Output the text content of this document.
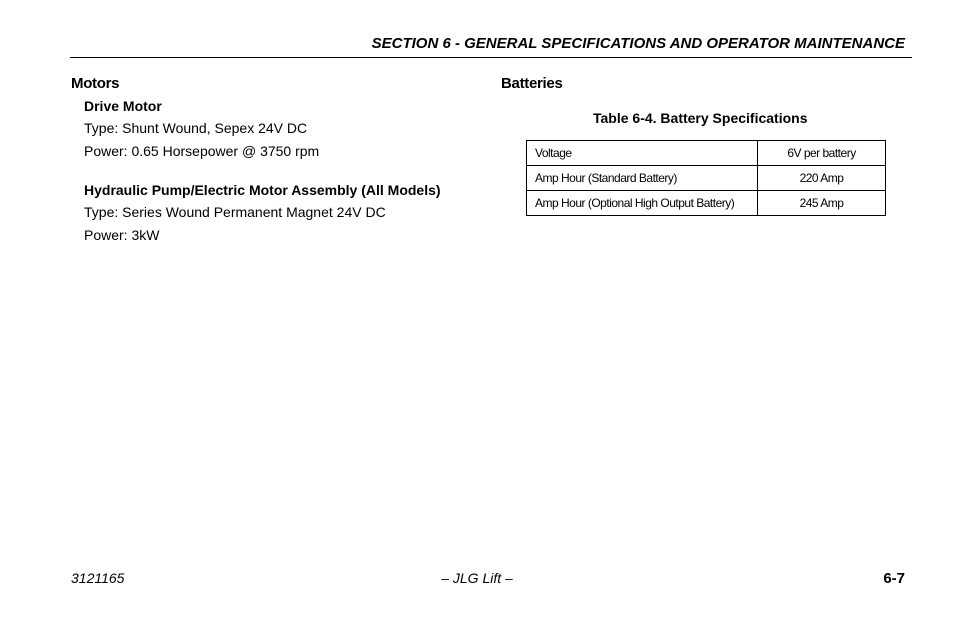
SECTION 6 - GENERAL SPECIFICATIONS AND OPERATOR MAINTENANCE
Motors

Drive Motor

Type: Shunt Wound, Sepex 24V DC

Power: 0.65 Horsepower @ 3750 rpm

Hydraulic Pump/Electric Motor Assembly (All Models)

Type: Series Wound Permanent Magnet 24V DC

Power: 3kW

Batteries
Table 6-4. Battery Specifications
Voltage	6V per battery
Amp Hour (Standard Battery)	220 Amp
Amp Hour (Optional High Output Battery)	245 Amp
3121165	– JLG Lift –	6-7
